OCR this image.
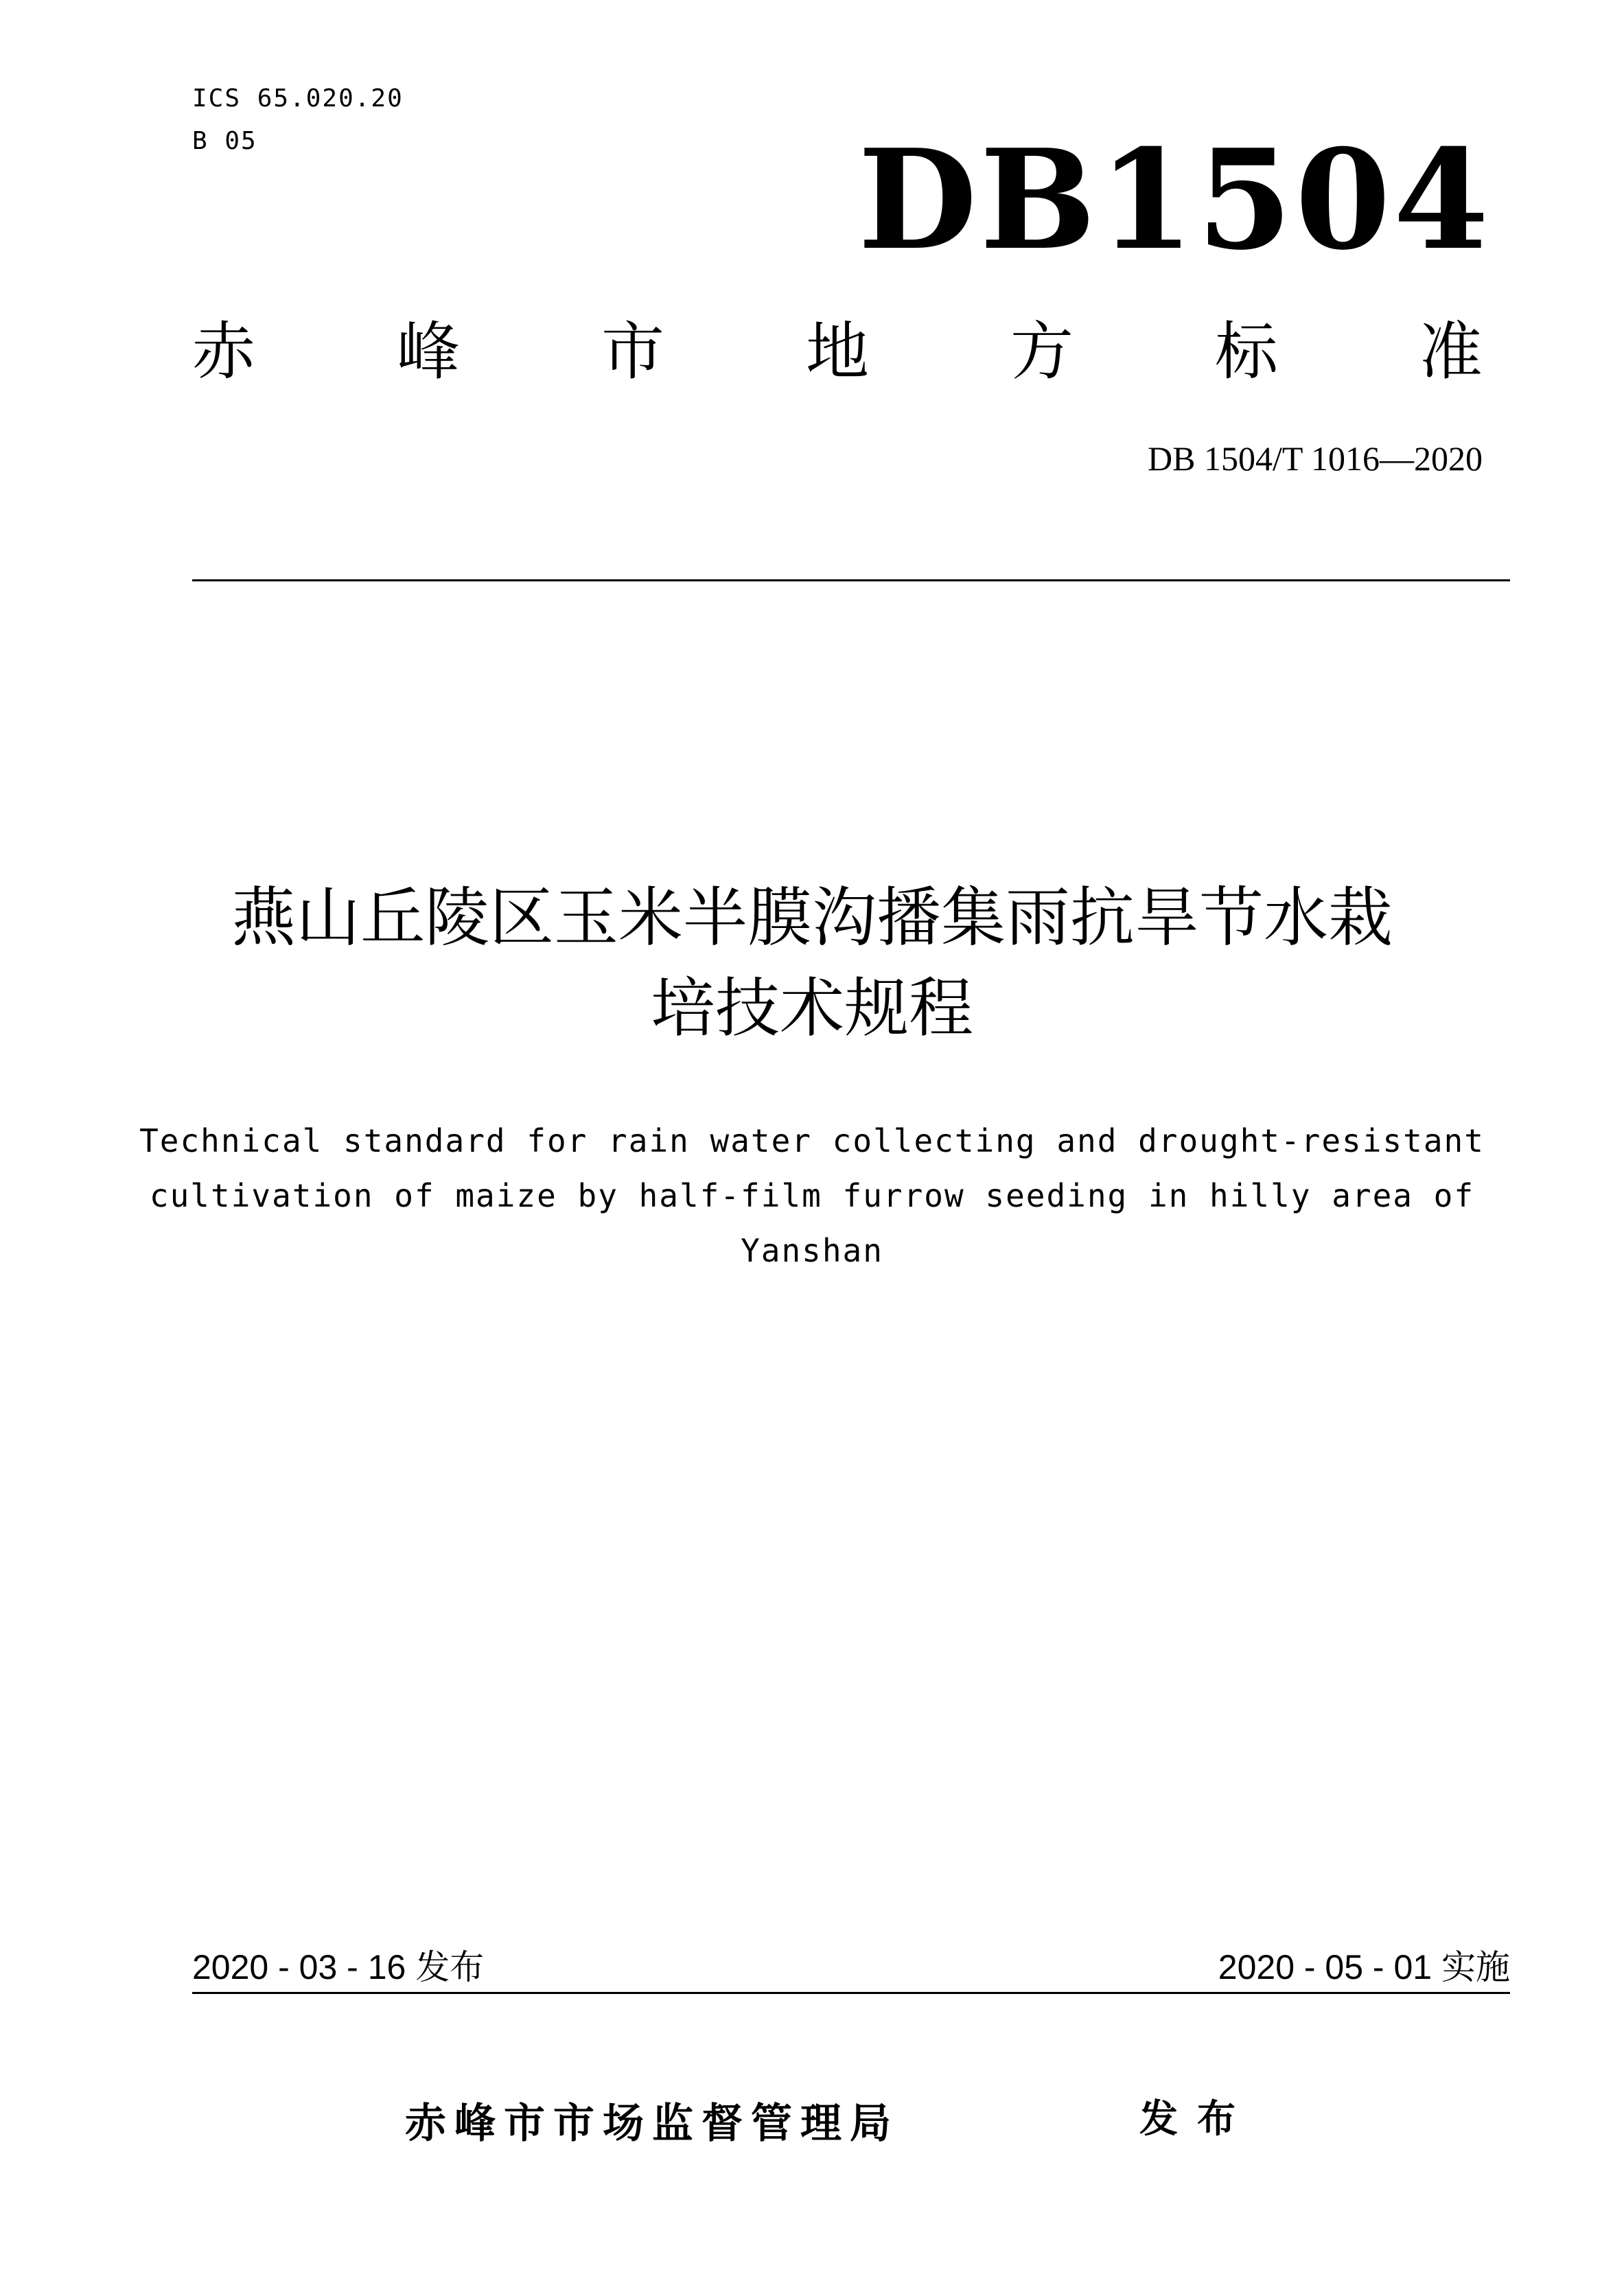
ICS 65.020.20
B 05	DB1504
赤 峰 市 地 方 标 准
DB 1504/T 1016—2020
燕山丘陵区玉米半膜沟播集雨抗旱节水栽
培技术规程
Technical standard for rain water collecting and drought-resistant
cultivation of maize by half-film furrow seeding in hilly area of Yanshan
2020 - 03 - 16 发布	2020 - 05 - 01 实施
赤峰市市场监督管理局	发布
